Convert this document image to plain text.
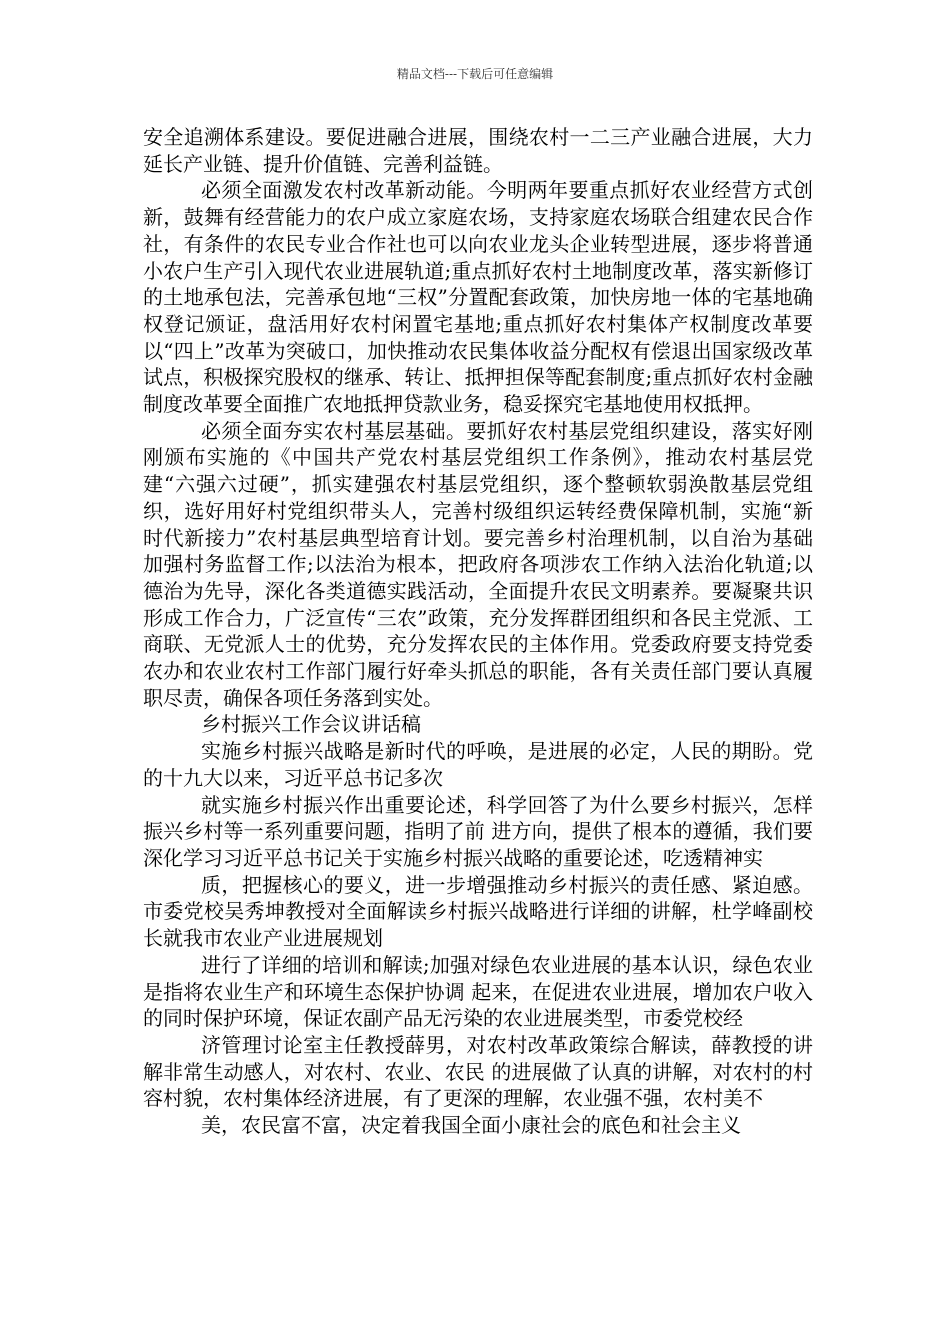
精品文档---下载后可任意编辑

安全追溯体系建设。要促进融合进展，围绕农村一二三产业融合进展，大力延长产业链、提升价值链、完善利益链。

必须全面激发农村改革新动能。今明两年要重点抓好农业经营方式创新，鼓舞有经营能力的农户成立家庭农场，支持家庭农场联合组建农民合作社，有条件的农民专业合作社也可以向农业龙头企业转型进展，逐步将普通小农户生产引入现代农业进展轨道;重点抓好农村土地制度改革，落实新修订的土地承包法，完善承包地“三权”分置配套政策，加快房地一体的宅基地确权登记颁证，盘活用好农村闲置宅基地;重点抓好农村集体产权制度改革要以“四上”改革为突破口，加快推动农民集体收益分配权有偿退出国家级改革试点，积极探究股权的继承、转让、抵押担保等配套制度;重点抓好农村金融制度改革要全面推广农地抵押贷款业务，稳妥探究宅基地使用权抵押。

必须全面夯实农村基层基础。要抓好农村基层党组织建设，落实好刚刚颁布实施的《中国共产党农村基层党组织工作条例》，推动农村基层党建“六强六过硬”，抓实建强农村基层党组织，逐个整顿软弱涣散基层党组织，选好用好村党组织带头人，完善村级组织运转经费保障机制，实施“新时代新接力”农村基层典型培育计划。要完善乡村治理机制，以自治为基础加强村务监督工作;以法治为根本，把政府各项涉农工作纳入法治化轨道;以德治为先导，深化各类道德实践活动，全面提升农民文明素养。要凝聚共识形成工作合力，广泛宣传“三农”政策，充分发挥群团组织和各民主党派、工商联、无党派人士的优势，充分发挥农民的主体作用。党委政府要支持党委农办和农业农村工作部门履行好牵头抓总的职能，各有关责任部门要认真履职尽责，确保各项任务落到实处。

乡村振兴工作会议讲话稿

实施乡村振兴战略是新时代的呼唤，是进展的必定，人民的期盼。党的十九大以来，习近平总书记多次

就实施乡村振兴作出重要论述，科学回答了为什么要乡村振兴，怎样振兴乡村等一系列重要问题，指明了前 进方向，提供了根本的遵循，我们要深化学习习近平总书记关于实施乡村振兴战略的重要论述，吃透精神实

质，把握核心的要义，进一步增强推动乡村振兴的责任感、紧迫感。 市委党校吴秀坤教授对全面解读乡村振兴战略进行详细的讲解，杜学峰副校长就我市农业产业进展规划

进行了详细的培训和解读;加强对绿色农业进展的基本认识，绿色农业是指将农业生产和环境生态保护协调 起来，在促进农业进展，增加农户收入的同时保护环境，保证农副产品无污染的农业进展类型，市委党校经

济管理讨论室主任教授薛男，对农村改革政策综合解读，薛教授的讲解非常生动感人，对农村、农业、农民 的进展做了认真的讲解，对农村的村容村貌，农村集体经济进展，有了更深的理解，农业强不强，农村美不

美，农民富不富，决定着我国全面小康社会的底色和社会主义
